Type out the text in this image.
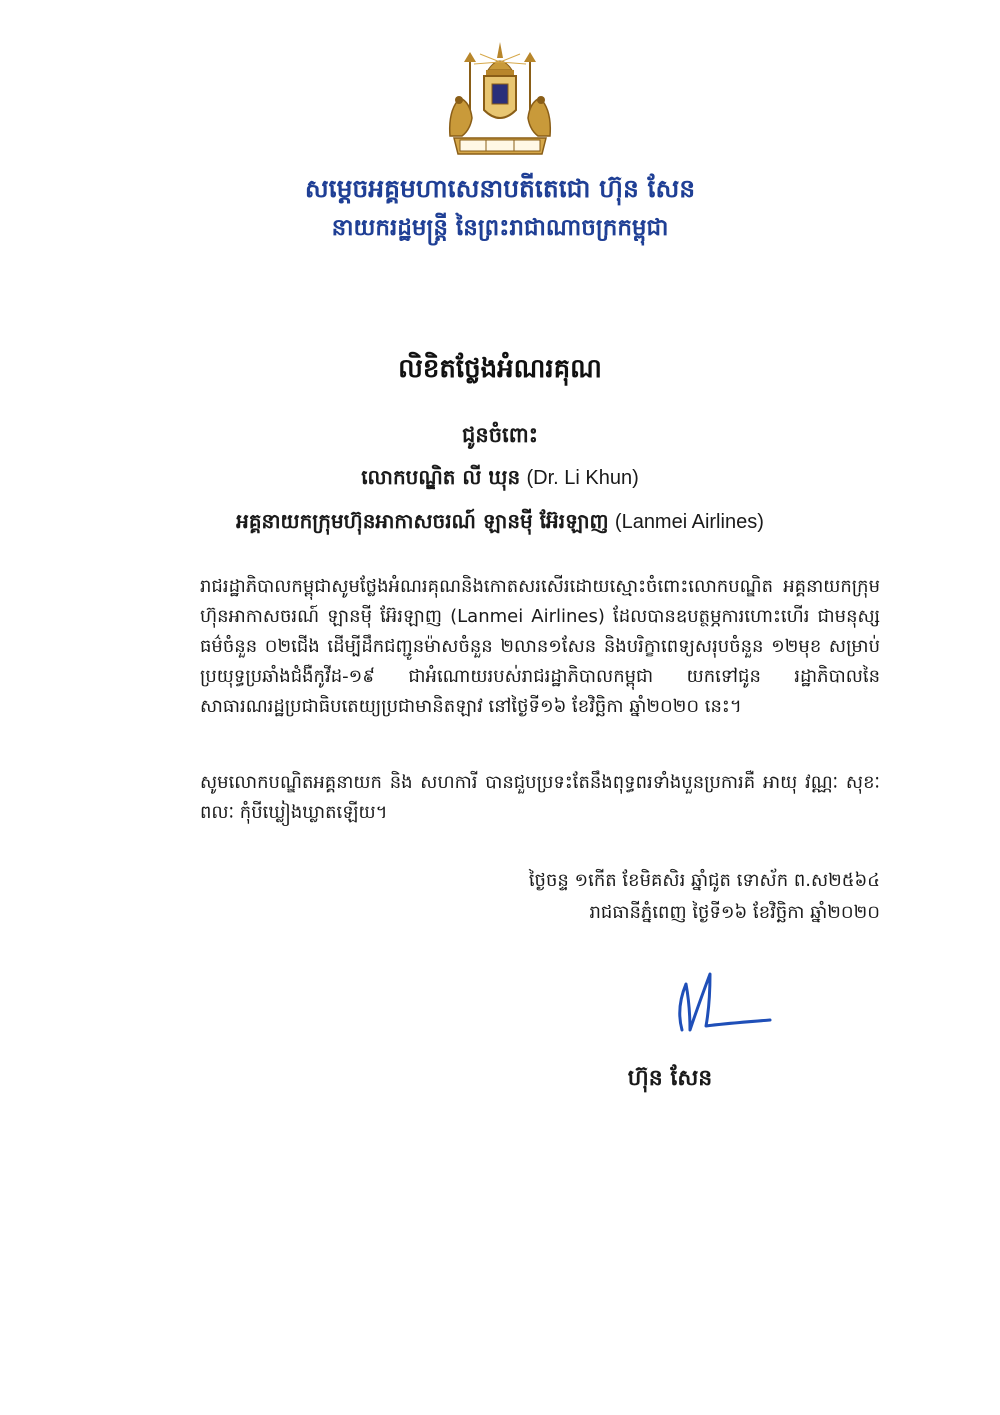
សម្តេចអគ្គមហាសេនាបតីតេជោ ហ៊ុន សែន
នាយករដ្ឋមន្ត្រី នៃព្រះរាជាណាចក្រកម្ពុជា
លិខិតថ្លែងអំណរគុណ
ជូនចំពោះ
លោកបណ្ឌិត លី ឃុន (Dr. Li Khun)
អគ្គនាយកក្រុមហ៊ុនអាកាសចរណ៍ ឡានមុី អ៊ែរឡាញ (Lanmei Airlines)
រាជរដ្ឋាភិបាលកម្ពុជាសូមថ្លែងអំណរគុណនិងកោតសរសើរដោយស្មោះចំពោះលោកបណ្ឌិត អគ្គនាយកក្រុមហ៊ុនអាកាសចរណ៍ ឡានមុី អ៊ែរឡាញ (Lanmei Airlines) ដែលបានឧបត្ថម្ភការហោះហើរ ជាមនុស្សធម៌ចំនួន ០២ជើង ដើម្បីដឹកជញ្ជូនម៉ាសចំនួន ២លាន១សែន និងបរិក្ខាពេទ្យសរុបចំនួន ១២មុខ សម្រាប់ប្រយុទ្ធប្រឆាំងជំងឺកូវីដ-១៩ ជាអំណោយរបស់រាជរដ្ឋាភិបាលកម្ពុជា យកទៅជូន រដ្ឋាភិបាលនៃសាធារណរដ្ឋប្រជាធិបតេយ្យប្រជាមានិតឡាវ នៅថ្ងៃទី១៦ ខែវិច្ឆិកា ឆ្នាំ២០២០ នេះ។
សូមលោកបណ្ឌិតអគ្គនាយក និង សហការី បានជួបប្រទះតែនឹងពុទ្ធពរទាំងបួនប្រការគឺ អាយុ វណ្ណៈ សុខៈ ពលៈ កុំបីឃ្លៀងឃ្លាតឡើយ។
ថ្ងៃចន្ទ ១កើត ខែមិគសិរ ឆ្នាំជូត ទោស័ក ព.ស២៥៦៤
រាជធានីភ្នំពេញ ថ្ងៃទី១៦ ខែវិច្ឆិកា ឆ្នាំ២០២០
ហ៊ុន សែន
